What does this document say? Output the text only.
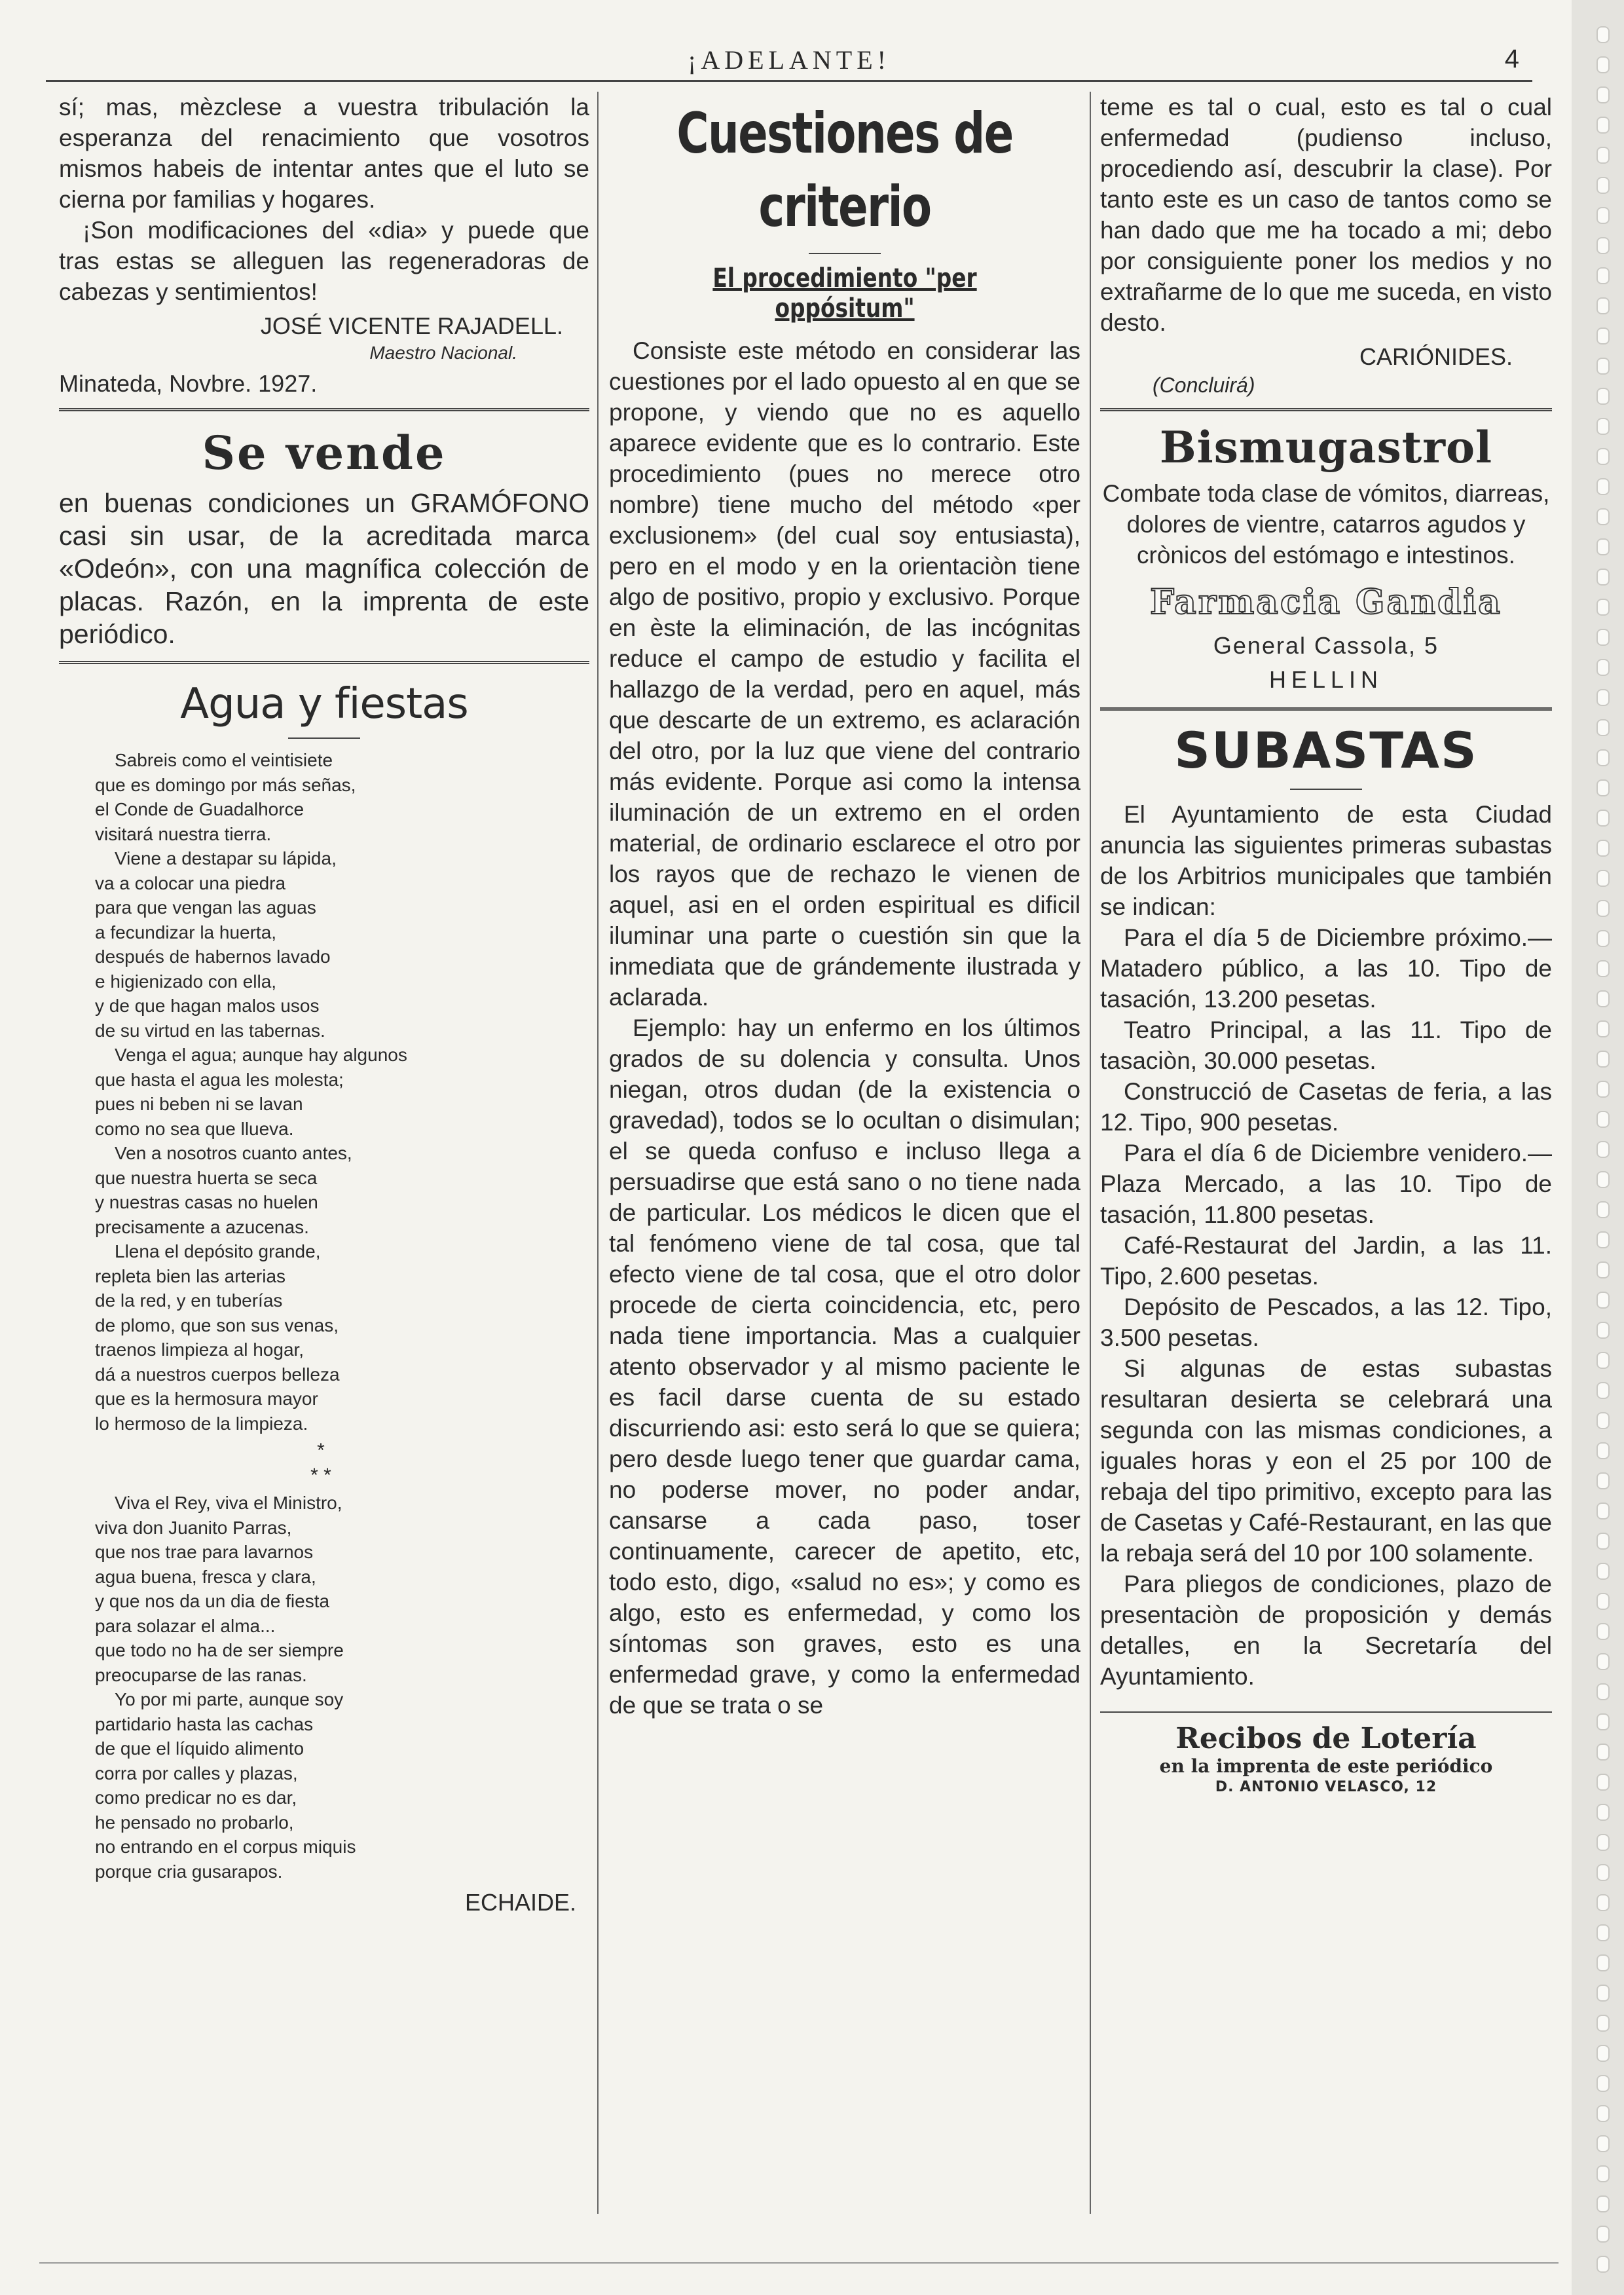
¡ADELANTE!	4

sí; mas, mèzclese a vuestra tribulación la esperanza del renacimiento que vosotros mismos habeis de intentar antes que el luto se cierna por familias y hogares.

¡Son modificaciones del «dia» y puede que tras estas se alleguen las regeneradoras de cabezas y sentimientos!

JOSÉ VICENTE RAJADELL.
Maestro Nacional.
Minateda, Novbre. 1927.
Se vende

en buenas condiciones un GRAMÓFONO casi sin usar, de la acreditada marca «Odeón», con una magnífica colección de placas. Razón, en la imprenta de este periódico.

Agua y fiestas
Sabreis como el veintisiete
que es domingo por más señas,
el Conde de Guadalhorce
visitará nuestra tierra.
Viene a destapar su lápida,
va a colocar una piedra
para que vengan las aguas
a fecundizar la huerta,
después de habernos lavado
e higienizado con ella,
y de que hagan malos usos
de su virtud en las tabernas.
Venga el agua; aunque hay algunos
que hasta el agua les molesta;
pues ni beben ni se lavan
como no sea que llueva.
Ven a nosotros cuanto antes,
que nuestra huerta se seca
y nuestras casas no huelen
precisamente a azucenas.
Llena el depósito grande,
repleta bien las arterias
de la red, y en tuberías
de plomo, que son sus venas,
traenos limpieza al hogar,
dá a nuestros cuerpos belleza
que es la hermosura mayor
lo hermoso de la limpieza.
*
* *
Viva el Rey, viva el Ministro,
viva don Juanito Parras,
que nos trae para lavarnos
agua buena, fresca y clara,
y que nos da un dia de fiesta
para solazar el alma...
que todo no ha de ser siempre
preocuparse de las ranas.
Yo por mi parte, aunque soy
partidario hasta las cachas
de que el líquido alimento
corra por calles y plazas,
como predicar no es dar,
he pensado no probarlo,
no entrando en el corpus miquis
porque cria gusarapos.
ECHAIDE.
Cuestiones de criterio
El procedimiento "per oppósitum"

Consiste este método en considerar las cuestiones por el lado opuesto al en que se propone, y viendo que no es aquello aparece evidente que es lo contrario. Este procedimiento (pues no merece otro nombre) tiene mucho del método «per exclusionem» (del cual soy entusiasta), pero en el modo y en la orientaciòn tiene algo de positivo, propio y exclusivo. Porque en èste la eliminación, de las incógnitas reduce el campo de estudio y facilita el hallazgo de la verdad, pero en aquel, más que descarte de un extremo, es aclaración del otro, por la luz que viene del contrario más evidente. Porque asi como la intensa iluminación de un extremo en el orden material, de ordinario esclarece el otro por los rayos que de rechazo le vienen de aquel, asi en el orden espiritual es dificil iluminar una parte o cuestión sin que la inmediata que de grándemente ilustrada y aclarada.

Ejemplo: hay un enfermo en los últimos grados de su dolencia y consulta. Unos niegan, otros dudan (de la existencia o gravedad), todos se lo ocultan o disimulan; el se queda confuso e incluso llega a persuadirse que está sano o no tiene nada de particular. Los médicos le dicen que el tal fenómeno viene de tal cosa, que tal efecto viene de tal cosa, que el otro dolor procede de cierta coincidencia, etc, pero nada tiene importancia. Mas a cualquier atento observador y al mismo paciente le es facil darse cuenta de su estado discurriendo asi: esto será lo que se quiera; pero desde luego tener que guardar cama, no poderse mover, no poder andar, cansarse a cada paso, toser continuamente, carecer de apetito, etc, todo esto, digo, «salud no es»; y como es algo, esto es enfermedad, y como los síntomas son graves, esto es una enfermedad grave, y como la enfermedad de que se trata o se

teme es tal o cual, esto es tal o cual enfermedad (pudienso incluso, procediendo así, descubrir la clase). Por tanto este es un caso de tantos como se han dado que me ha tocado a mi; debo por consiguiente poner los medios y no extrañarme de lo que me suceda, en visto desto.

CARIÓNIDES.
(Concluirá)
Bismugastrol
Combate toda clase de vómitos, diarreas, dolores de vientre, catarros agudos y crònicos del estómago e intestinos.
Farmacia Gandia
General Cassola, 5
HELLIN
SUBASTAS

El Ayuntamiento de esta Ciudad anuncia las siguientes primeras subastas de los Arbitrios municipales que también se indican:

Para el día 5 de Diciembre próximo.—Matadero público, a las 10. Tipo de tasación, 13.200 pesetas.

Teatro Principal, a las 11. Tipo de tasaciòn, 30.000 pesetas.

Construcció de Casetas de feria, a las 12. Tipo, 900 pesetas.

Para el día 6 de Diciembre venidero.—Plaza Mercado, a las 10. Tipo de tasación, 11.800 pesetas.

Café-Restaurat del Jardin, a las 11. Tipo, 2.600 pesetas.

Depósito de Pescados, a las 12. Tipo, 3.500 pesetas.

Si algunas de estas subastas resultaran desierta se celebrará una segunda con las mismas condiciones, a iguales horas y eon el 25 por 100 de rebaja del tipo primitivo, excepto para las de Casetas y Café-Restaurant, en las que la rebaja será del 10 por 100 solamente.

Para pliegos de condiciones, plazo de presentaciòn de proposición y demás detalles, en la Secretaría del Ayuntamiento.

Recibos de Lotería
en la imprenta de este periódico
D. ANTONIO VELASCO, 12
